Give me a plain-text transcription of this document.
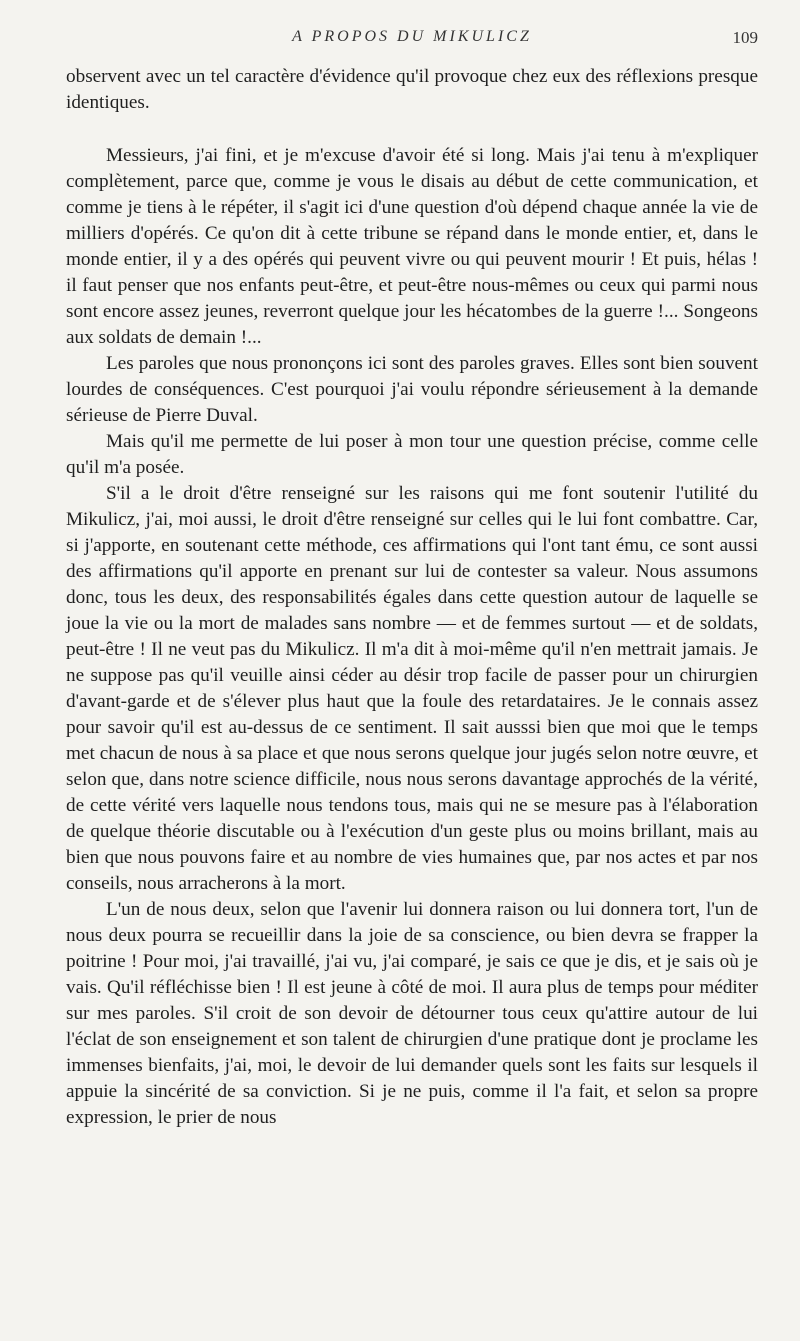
A PROPOS DU MIKULICZ	109

observent avec un tel caractère d'évidence qu'il provoque chez eux des réflexions presque identiques.

Messieurs, j'ai fini, et je m'excuse d'avoir été si long. Mais j'ai tenu à m'expliquer complètement, parce que, comme je vous le disais au début de cette communication, et comme je tiens à le répéter, il s'agit ici d'une question d'où dépend chaque année la vie de milliers d'opérés. Ce qu'on dit à cette tribune se répand dans le monde entier, et, dans le monde entier, il y a des opérés qui peuvent vivre ou qui peuvent mourir ! Et puis, hélas ! il faut penser que nos enfants peut-être, et peut-être nous-mêmes ou ceux qui parmi nous sont encore assez jeunes, reverront quelque jour les hécatombes de la guerre !... Songeons aux soldats de demain !...

Les paroles que nous prononçons ici sont des paroles graves. Elles sont bien souvent lourdes de conséquences. C'est pourquoi j'ai voulu répondre sérieusement à la demande sérieuse de Pierre Duval.

Mais qu'il me permette de lui poser à mon tour une question précise, comme celle qu'il m'a posée.

S'il a le droit d'être renseigné sur les raisons qui me font soutenir l'utilité du Mikulicz, j'ai, moi aussi, le droit d'être renseigné sur celles qui le lui font combattre. Car, si j'apporte, en soutenant cette méthode, ces affirmations qui l'ont tant ému, ce sont aussi des affirmations qu'il apporte en prenant sur lui de contester sa valeur. Nous assumons donc, tous les deux, des responsabilités égales dans cette question autour de laquelle se joue la vie ou la mort de malades sans nombre — et de femmes surtout — et de soldats, peut-être ! Il ne veut pas du Mikulicz. Il m'a dit à moi-même qu'il n'en mettrait jamais. Je ne suppose pas qu'il veuille ainsi céder au désir trop facile de passer pour un chirurgien d'avant-garde et de s'élever plus haut que la foule des retardataires. Je le connais assez pour savoir qu'il est au-dessus de ce sentiment. Il sait ausssi bien que moi que le temps met chacun de nous à sa place et que nous serons quelque jour jugés selon notre œuvre, et selon que, dans notre science difficile, nous nous serons davantage approchés de la vérité, de cette vérité vers laquelle nous tendons tous, mais qui ne se mesure pas à l'élaboration de quelque théorie discutable ou à l'exécution d'un geste plus ou moins brillant, mais au bien que nous pouvons faire et au nombre de vies humaines que, par nos actes et par nos conseils, nous arracherons à la mort.

L'un de nous deux, selon que l'avenir lui donnera raison ou lui donnera tort, l'un de nous deux pourra se recueillir dans la joie de sa conscience, ou bien devra se frapper la poitrine ! Pour moi, j'ai travaillé, j'ai vu, j'ai comparé, je sais ce que je dis, et je sais où je vais. Qu'il réfléchisse bien ! Il est jeune à côté de moi. Il aura plus de temps pour méditer sur mes paroles. S'il croit de son devoir de détourner tous ceux qu'attire autour de lui l'éclat de son enseignement et son talent de chirurgien d'une pratique dont je proclame les immenses bienfaits, j'ai, moi, le devoir de lui demander quels sont les faits sur lesquels il appuie la sincérité de sa conviction. Si je ne puis, comme il l'a fait, et selon sa propre expression, le prier de nous
